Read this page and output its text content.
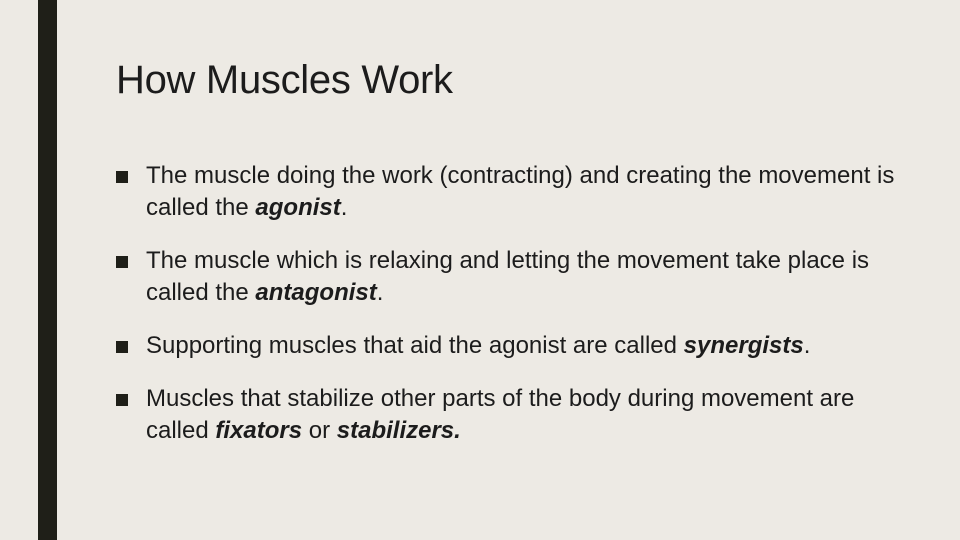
How Muscles Work
The muscle doing the work (contracting) and creating the movement is called the agonist.
The muscle which is relaxing and letting the movement take place is called the antagonist.
Supporting muscles that aid the agonist are called synergists.
Muscles that stabilize other parts of the body during movement are called fixators or stabilizers.
